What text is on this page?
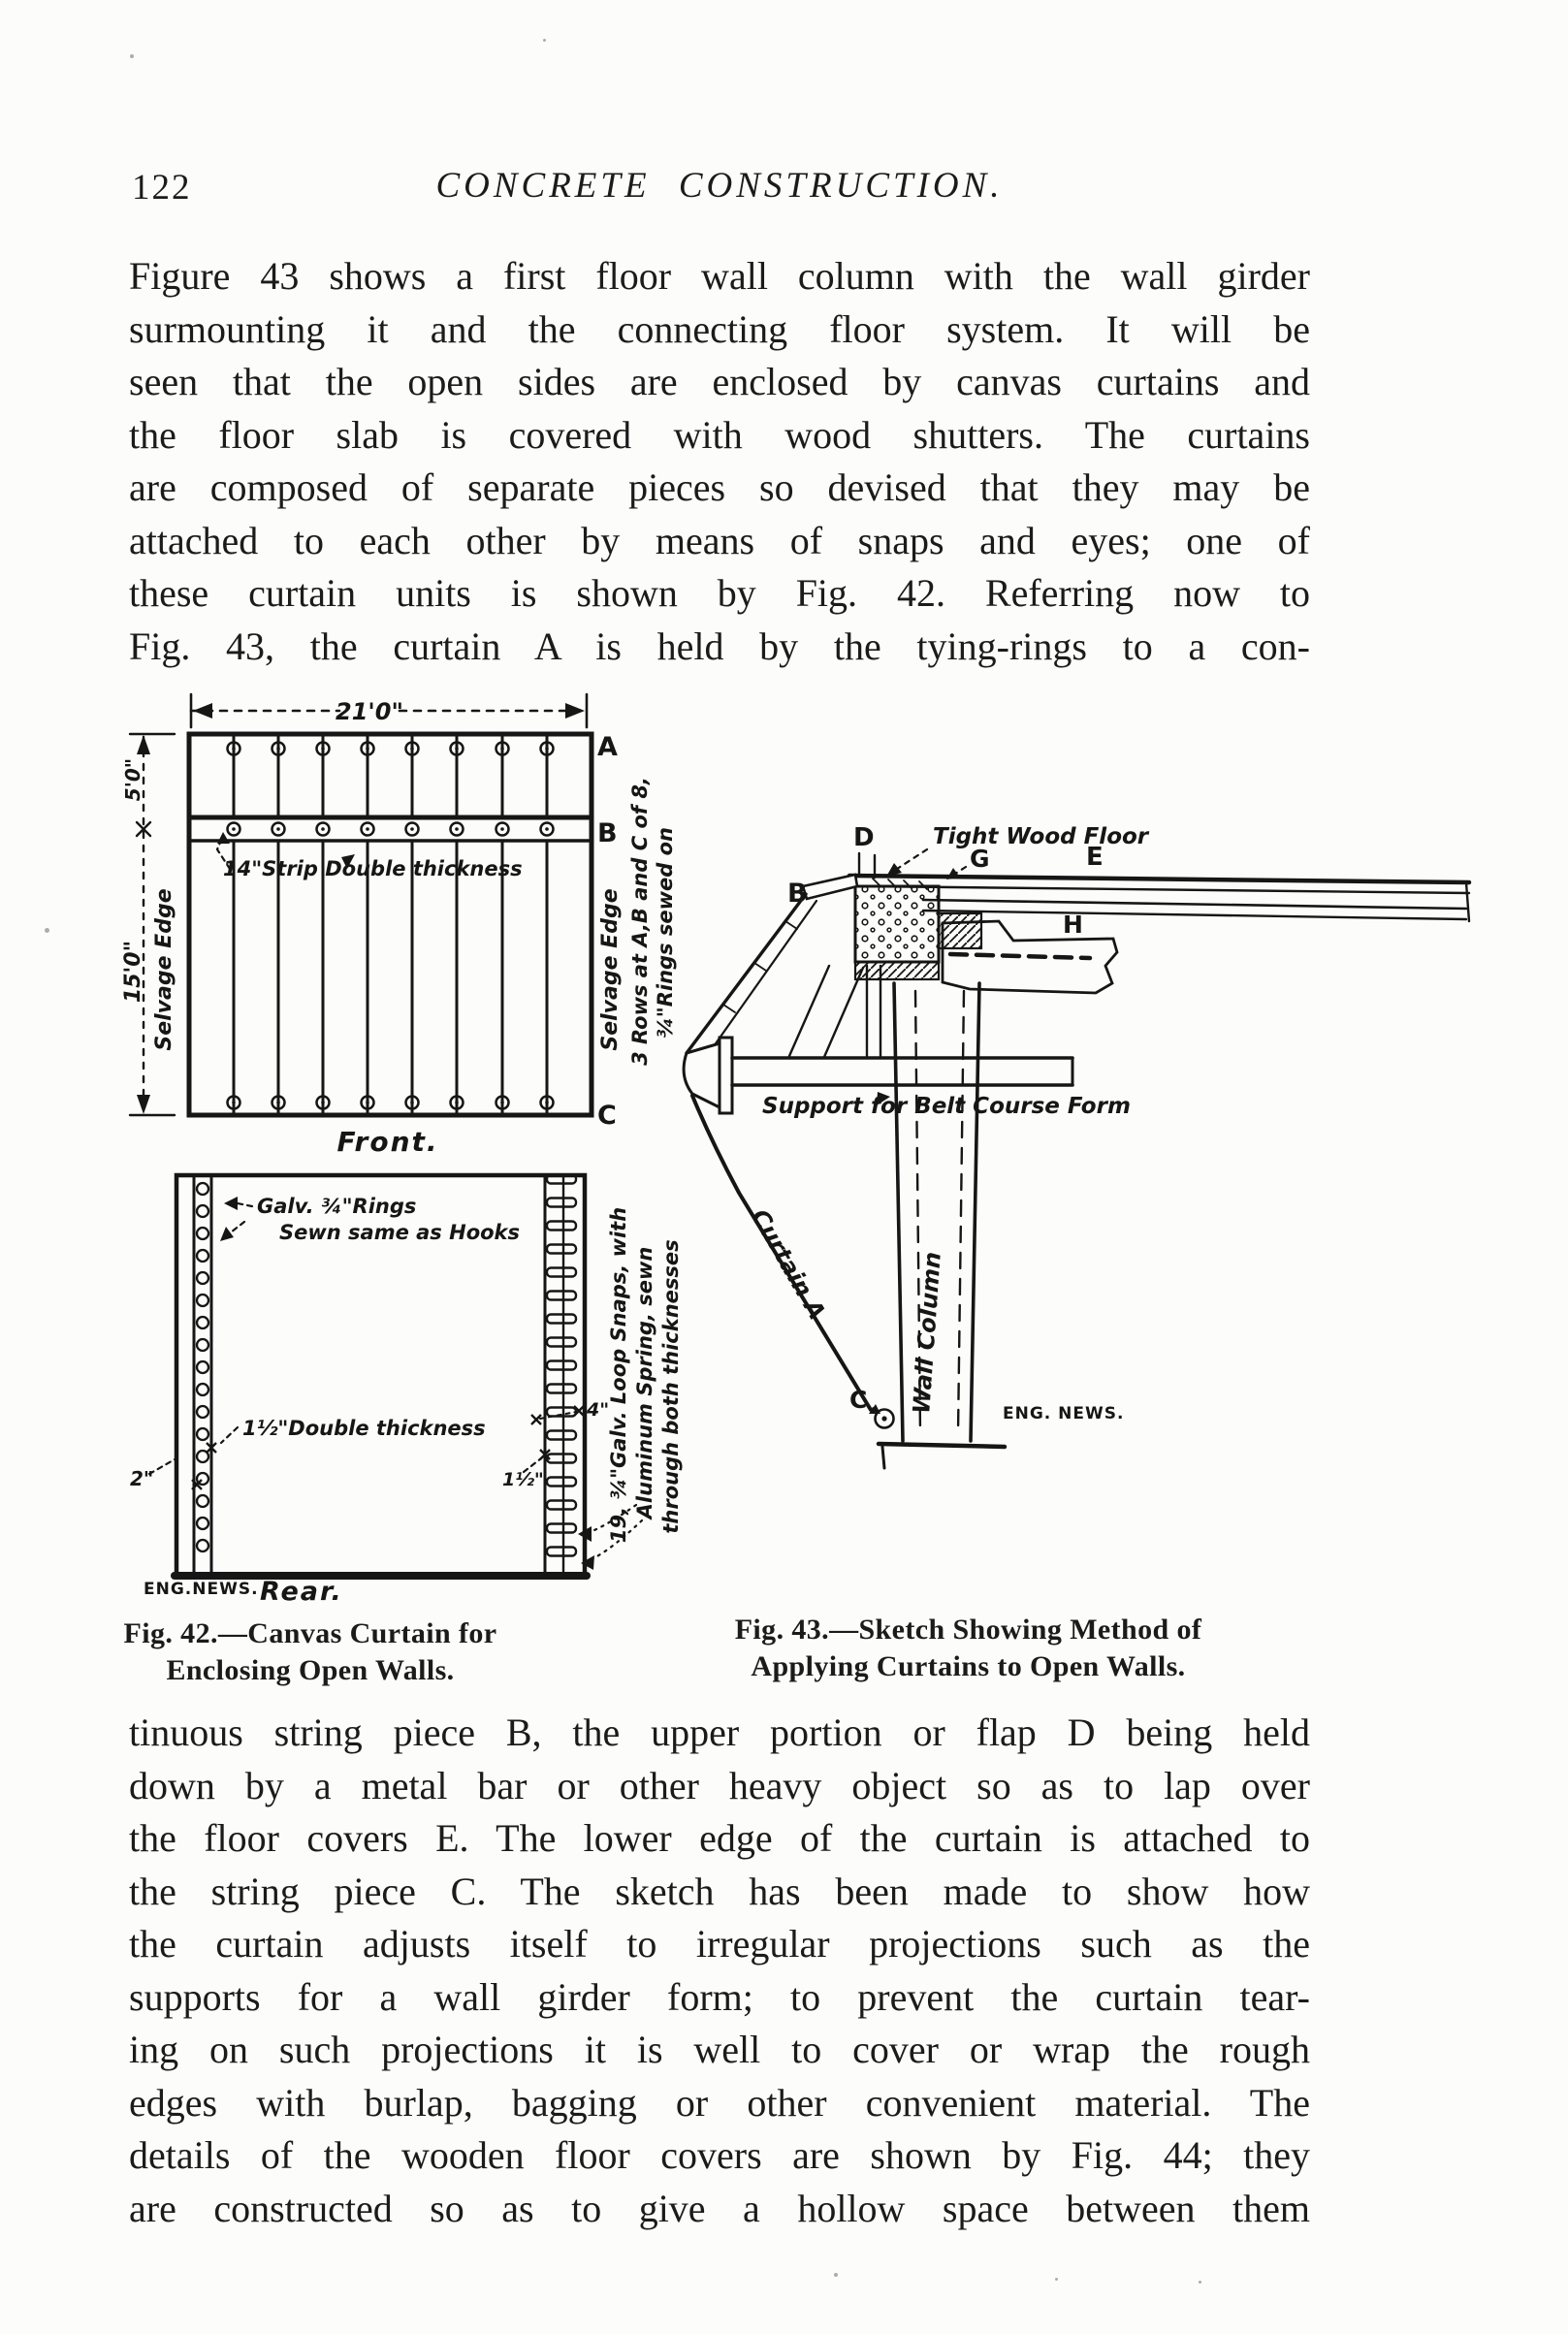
122	CONCRETE CONSTRUCTION.
Figure 43 shows a first floor wall column with the wall girder
surmounting it and the connecting floor system. It will be
seen that the open sides are enclosed by canvas curtains and
the floor slab is covered with wood shutters. The curtains
are composed of separate pieces so devised that they may be
attached to each other by means of snaps and eyes; one of
these curtain units is shown by Fig. 42. Referring now to
Fig. 43, the curtain A is held by the tying-rings to a con-
21'0"
5'0"
15'0" Selvage Edge
A
B
C
Selvage Edge 3 Rows at A,B and C of 8, ¾"Rings sewed on
14"Strip Double thickness
Front.
Galv. ¾"Rings
Sewn same as Hooks
1½"Double thickness
2"
4"
1½"	19, ¾"Galv. Loop Snaps, with Aluminum Spring, sewn through both thicknesses
ENG.NEWS. Rear.
Tight Wood Floor
D
B
G	E
H
Support for Belt Course Form
Curtain A	Wall Column
C	ENG. NEWS.
Fig. 42.—Canvas Curtain for
Enclosing Open Walls.
Fig. 43.—Sketch Showing Method of
Applying Curtains to Open Walls.
tinuous string piece B, the upper portion or flap D being held
down by a metal bar or other heavy object so as to lap over
the floor covers E. The lower edge of the curtain is attached to
the string piece C. The sketch has been made to show how
the curtain adjusts itself to irregular projections such as the
supports for a wall girder form; to prevent the curtain tear-
ing on such projections it is well to cover or wrap the rough
edges with burlap, bagging or other convenient material. The
details of the wooden floor covers are shown by Fig. 44; they
are constructed so as to give a hollow space between them
